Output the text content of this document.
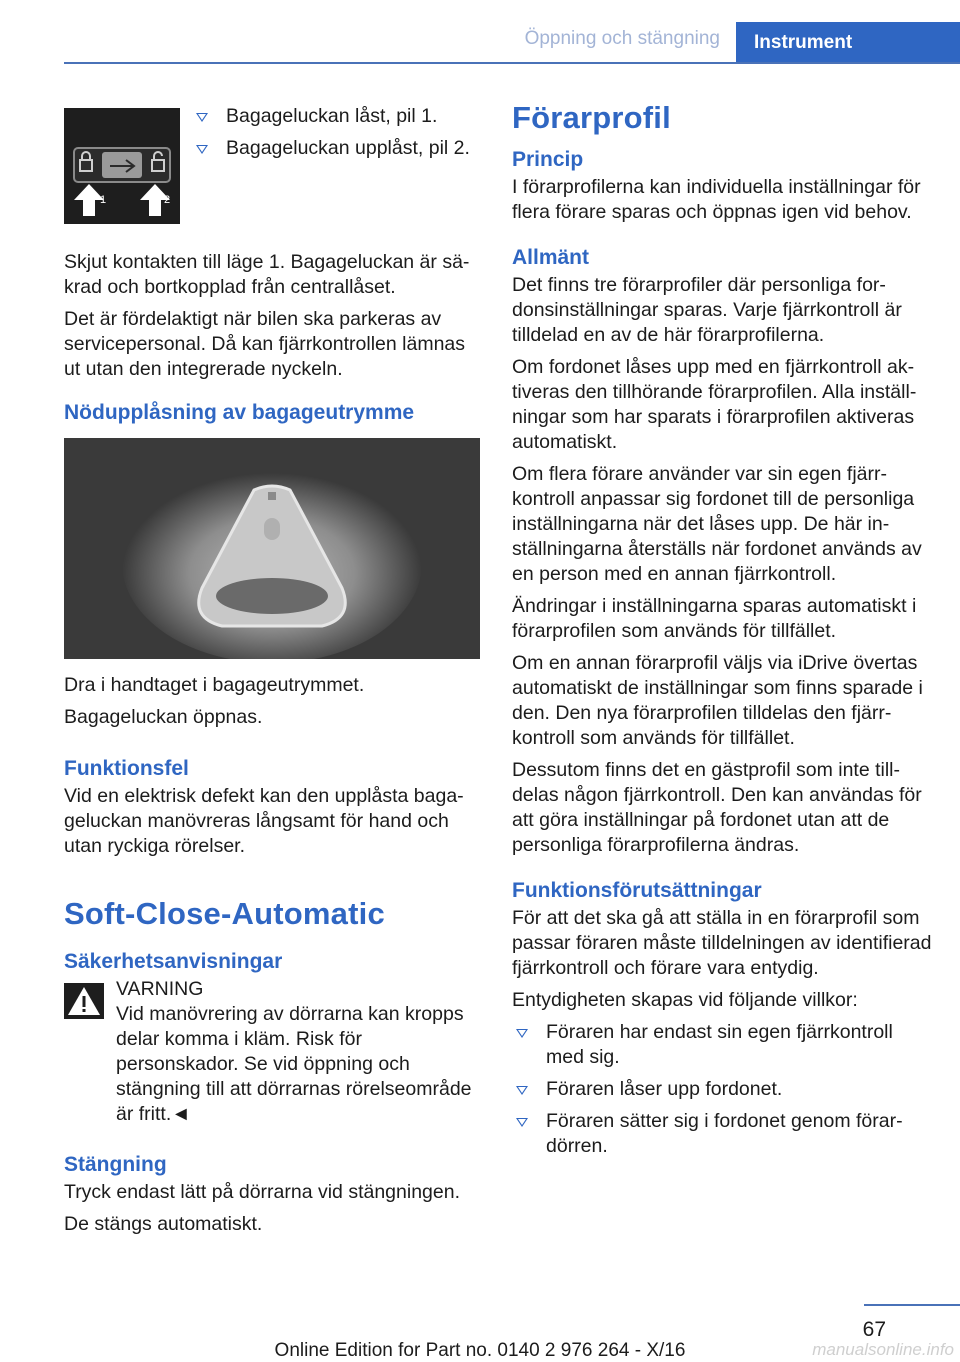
Öppning och stängning Instrument
1	2
Bagageluckan låst, pil 1.
Bagageluckan upplåst, pil 2.

Skjut kontakten till läge 1. Bagageluckan är säkrad och bortkopplad från centrallåset.

Det är fördelaktigt när bilen ska parkeras av servicepersonal. Då kan fjärrkontrollen lämnas ut utan den integrerade nyckeln.

Nödupplåsning av bagageutrymme

Dra i handtaget i bagageutrymmet.

Bagageluckan öppnas.

Funktionsfel

Vid en elektrisk defekt kan den upplåsta bagageluckan manövreras långsamt för hand och utan ryckiga rörelser.

Soft-Close-Automatic
Säkerhetsanvisningar

VARNING

Vid manövrering av dörrarna kan kropps

delar komma i kläm. Risk för personskador. Se vid öppning och stängning till att dörrarnas rörelseområde är fritt.◄

Stängning

Tryck endast lätt på dörrarna vid stängningen.

De stängs automatiskt.

Förarprofil
Princip

I förarprofilerna kan individuella inställningar för flera förare sparas och öppnas igen vid behov.

Allmänt

Det finns tre förarprofiler där personliga fordonsinställningar sparas. Varje fjärrkontroll är tilldelad en av de här förarprofilerna.

Om fordonet låses upp med en fjärrkontroll aktiveras den tillhörande förarprofilen. Alla inställningar som har sparats i förarprofilen aktiveras automatiskt.

Om flera förare använder var sin egen fjärrkontroll anpassar sig fordonet till de personliga inställningarna när det låses upp. De här inställningarna återställs när fordonet används av en person med en annan fjärrkontroll.

Ändringar i inställningarna sparas automatiskt i förarprofilen som används för tillfället.

Om en annan förarprofil väljs via iDrive övertas automatiskt de inställningar som finns sparade i den. Den nya förarprofilen tilldelas den fjärrkontroll som används för tillfället.

Dessutom finns det en gästprofil som inte tilldelas någon fjärrkontroll. Den kan användas för att göra inställningar på fordonet utan att de personliga förarprofilerna ändras.

Funktionsförutsättningar

För att det ska gå att ställa in en förarprofil som passar föraren måste tilldelningen av identifierad fjärrkontroll och förare vara entydig.

Entydigheten skapas vid följande villkor:

Föraren har endast sin egen fjärrkontroll med sig.
Föraren låser upp fordonet.
Föraren sätter sig i fordonet genom förardörren.
67
Online Edition for Part no. 0140 2 976 264 - X/16	manualsonline.info
